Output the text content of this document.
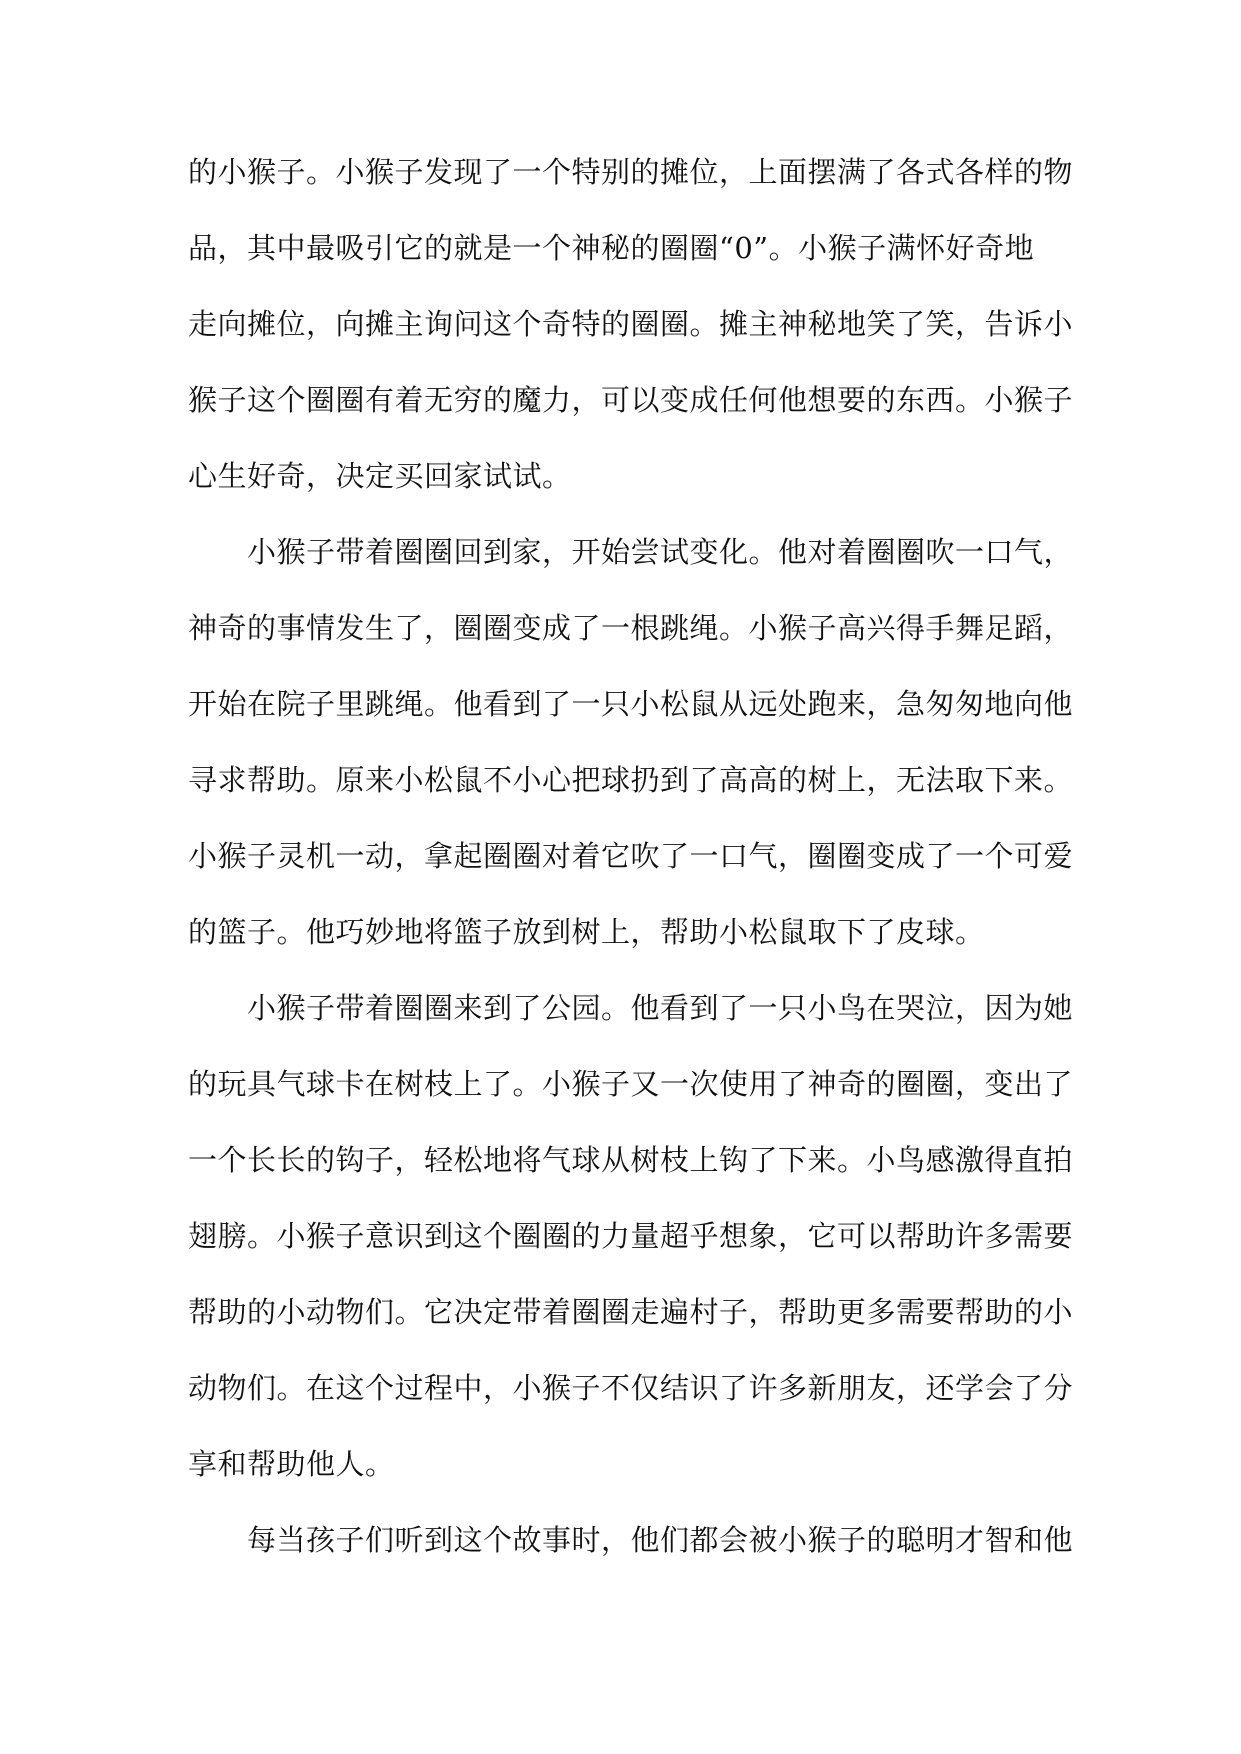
的小猴子。小猴子发现了一个特别的摊位，上面摆满了各式各样的物
品，其中最吸引它的就是一个神秘的圈圈“0”。小猴子满怀好奇地
走向摊位，向摊主询问这个奇特的圈圈。摊主神秘地笑了笑，告诉小
猴子这个圈圈有着无穷的魔力，可以变成任何他想要的东西。小猴子
心生好奇，决定买回家试试。
小猴子带着圈圈回到家，开始尝试变化。他对着圈圈吹一口气，
神奇的事情发生了，圈圈变成了一根跳绳。小猴子高兴得手舞足蹈，
开始在院子里跳绳。他看到了一只小松鼠从远处跑来，急匆匆地向他
寻求帮助。原来小松鼠不小心把球扔到了高高的树上，无法取下来。
小猴子灵机一动，拿起圈圈对着它吹了一口气，圈圈变成了一个可爱
的篮子。他巧妙地将篮子放到树上，帮助小松鼠取下了皮球。
小猴子带着圈圈来到了公园。他看到了一只小鸟在哭泣，因为她
的玩具气球卡在树枝上了。小猴子又一次使用了神奇的圈圈，变出了
一个长长的钩子，轻松地将气球从树枝上钩了下来。小鸟感激得直拍
翅膀。小猴子意识到这个圈圈的力量超乎想象，它可以帮助许多需要
帮助的小动物们。它决定带着圈圈走遍村子，帮助更多需要帮助的小
动物们。在这个过程中，小猴子不仅结识了许多新朋友，还学会了分
享和帮助他人。
每当孩子们听到这个故事时，他们都会被小猴子的聪明才智和他
